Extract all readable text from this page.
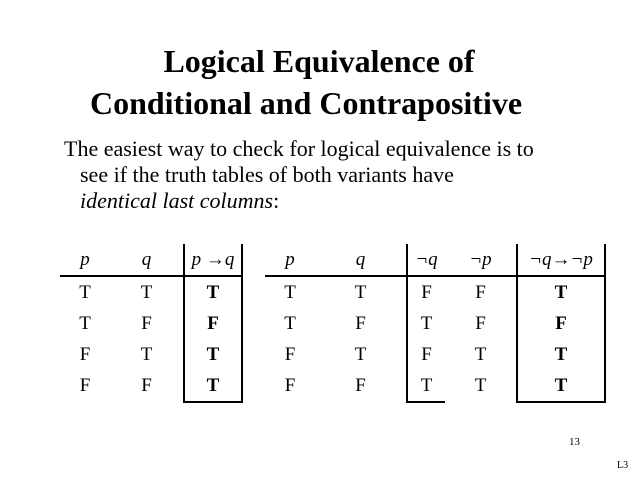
Logical Equivalence of
Conditional and Contrapositive
The easiest way to check for logical equivalence is to
see if the truth tables of both variants have
identical last columns:
p	q	p →q
T	T	T
T	F	F
F	T	T
F	F	T
p	q	¬q	¬p	¬q→¬p
T	T	F	F	T
T	F	T	F	F
F	T	F	T	T
F	F	T	T	T
13
L3
